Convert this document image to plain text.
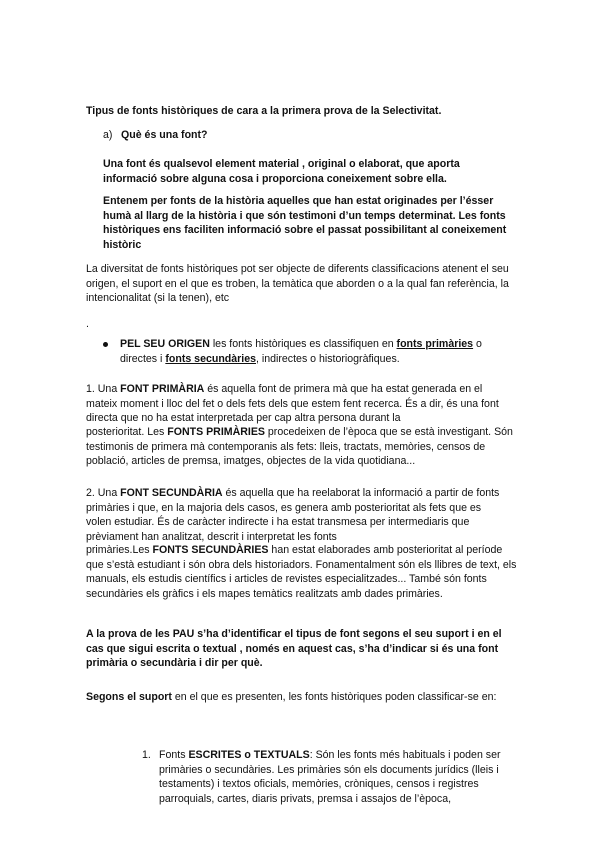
Tipus de fonts històriques de cara a la primera prova de la Selectivitat.

a) Què és una font?

Una font és qualsevol element material , original o elaborat, que aporta informació sobre alguna cosa i proporciona coneixement sobre ella.

Entenem per fonts de la història aquelles que han estat originades per l’ésser humà al llarg de la història i que són testimoni d’un temps determinat. Les fonts històriques ens faciliten informació sobre el passat possibilitant al coneixement històric

La diversitat de fonts històriques pot ser objecte de diferents classificacions atenent el seu origen, el suport en el que es troben, la temàtica que aborden o a la qual fan referència, la intencionalitat (si la tenen), etc

.

PEL SEU ORIGEN les fonts històriques es classifiquen en fonts primàries o directes i fonts secundàries, indirectes o historiogràfiques.

1. Una FONT PRIMÀRIA és aquella font de primera mà que ha estat generada en el mateix moment i lloc del fet o dels fets dels que estem fent recerca. És a dir, és una font directa que no ha estat interpretada per cap altra persona durant la

posterioritat. Les FONTS PRIMÀRIES procedeixen de l’època que se està investigant. Són testimonis de primera mà contemporanis als fets: lleis, tractats, memòries, censos de població, articles de premsa, imatges, objectes de la vida quotidiana...

2. Una FONT SECUNDÀRIA és aquella que ha reelaborat la informació a partir de fonts primàries i que, en la majoria dels casos, es genera amb posterioritat als fets que es volen estudiar. És de caràcter indirecte i ha estat transmesa per intermediaris que prèviament han analitzat, descrit i interpretat les fonts

primàries.Les FONTS SECUNDÀRIES han estat elaborades amb posterioritat al període que s’està estudiant i són obra dels historiadors. Fonamentalment són els llibres de text, els manuals, els estudis científics i articles de revistes especialitzades... També són fonts secundàries els gràfics i els mapes temàtics realitzats amb dades primàries.

A la prova de les PAU s’ha d’identificar el tipus de font segons el seu suport i en el cas que sigui escrita o textual , només en aquest cas, s’ha d’indicar si és una font primària o secundària i dir per què.

Segons el suport en el que es presenten, les fonts històriques poden classificar-se en:

1. Fonts ESCRITES o TEXTUALS: Són les fonts més habituals i poden ser primàries o secundàries. Les primàries són els documents jurídics (lleis i testaments) i textos oficials, memòries, cròniques, censos i registres parroquials, cartes, diaris privats, premsa i assajos de l’època,
